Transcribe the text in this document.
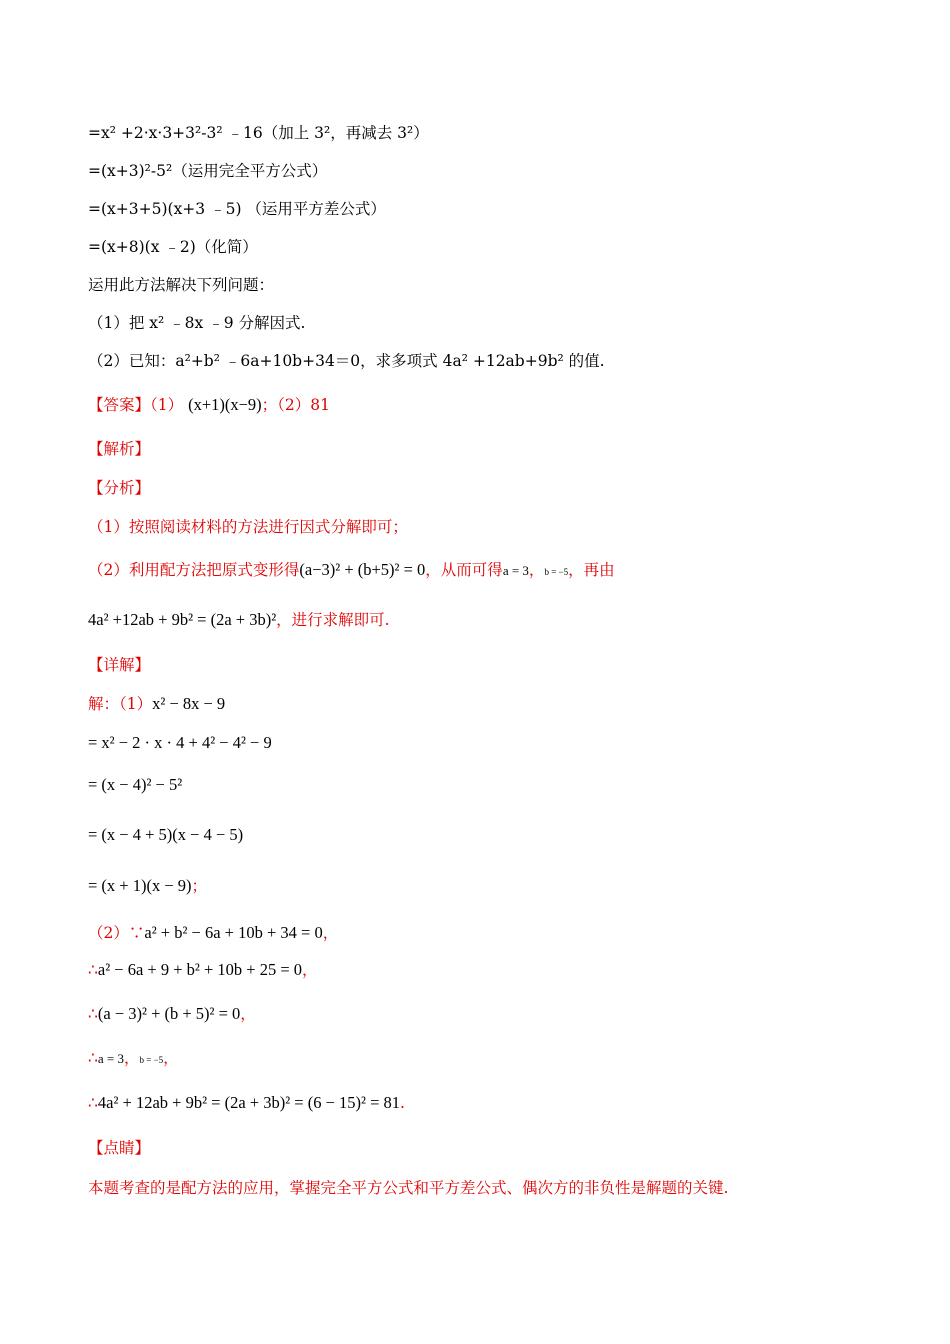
=x² +2·x·3+3²-3² ﹣16（加上 3²，再减去 3²）
=(x+3)²-5²（运用完全平方公式）
=(x+3+5)(x+3 ﹣5) （运用平方差公式）
=(x+8)(x ﹣2)（化简）
运用此方法解决下列问题：
（1）把 x² ﹣8x ﹣9 分解因式.
（2）已知：a²+b² ﹣6a+10b+34＝0，求多项式 4a² +12ab+9b² 的值.
【答案】（1） (x+1)(x−9)；（2）81
【解析】
【分析】
（1）按照阅读材料的方法进行因式分解即可；
（2）利用配方法把原式变形得(a−3)² + (b+5)² = 0，从而可得a = 3，b = −5，再由
4a² +12ab + 9b² = (2a + 3b)²，进行求解即可.
【详解】
解：（1）x² − 8x − 9
= x² − 2 · x · 4 + 4² − 4² − 9
= (x − 4)² − 5²
= (x − 4 + 5)(x − 4 − 5)
= (x + 1)(x − 9)；
（2）∵a² + b² − 6a + 10b + 34 = 0，
∴a² − 6a + 9 + b² + 10b + 25 = 0，
∴(a − 3)² + (b + 5)² = 0，
∴a = 3，b = −5，
∴4a² + 12ab + 9b² = (2a + 3b)² = (6 − 15)² = 81.
【点睛】
本题考查的是配方法的应用，掌握完全平方公式和平方差公式、偶次方的非负性是解题的关键.
